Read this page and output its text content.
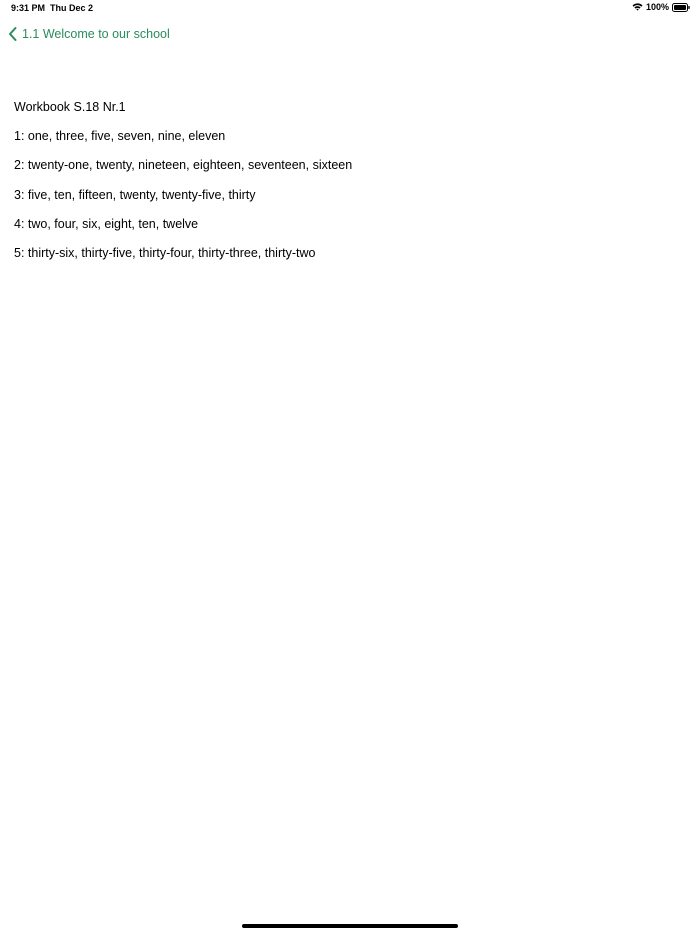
9:31 PM Thu Dec 2	100%
1.1 Welcome to our school

Workbook S.18 Nr.1

1: one, three, five, seven, nine, eleven

2: twenty-one, twenty, nineteen, eighteen, seventeen, sixteen

3: five, ten, fifteen, twenty, twenty-five, thirty

4: two, four, six, eight, ten, twelve

5: thirty-six, thirty-five, thirty-four, thirty-three, thirty-two
